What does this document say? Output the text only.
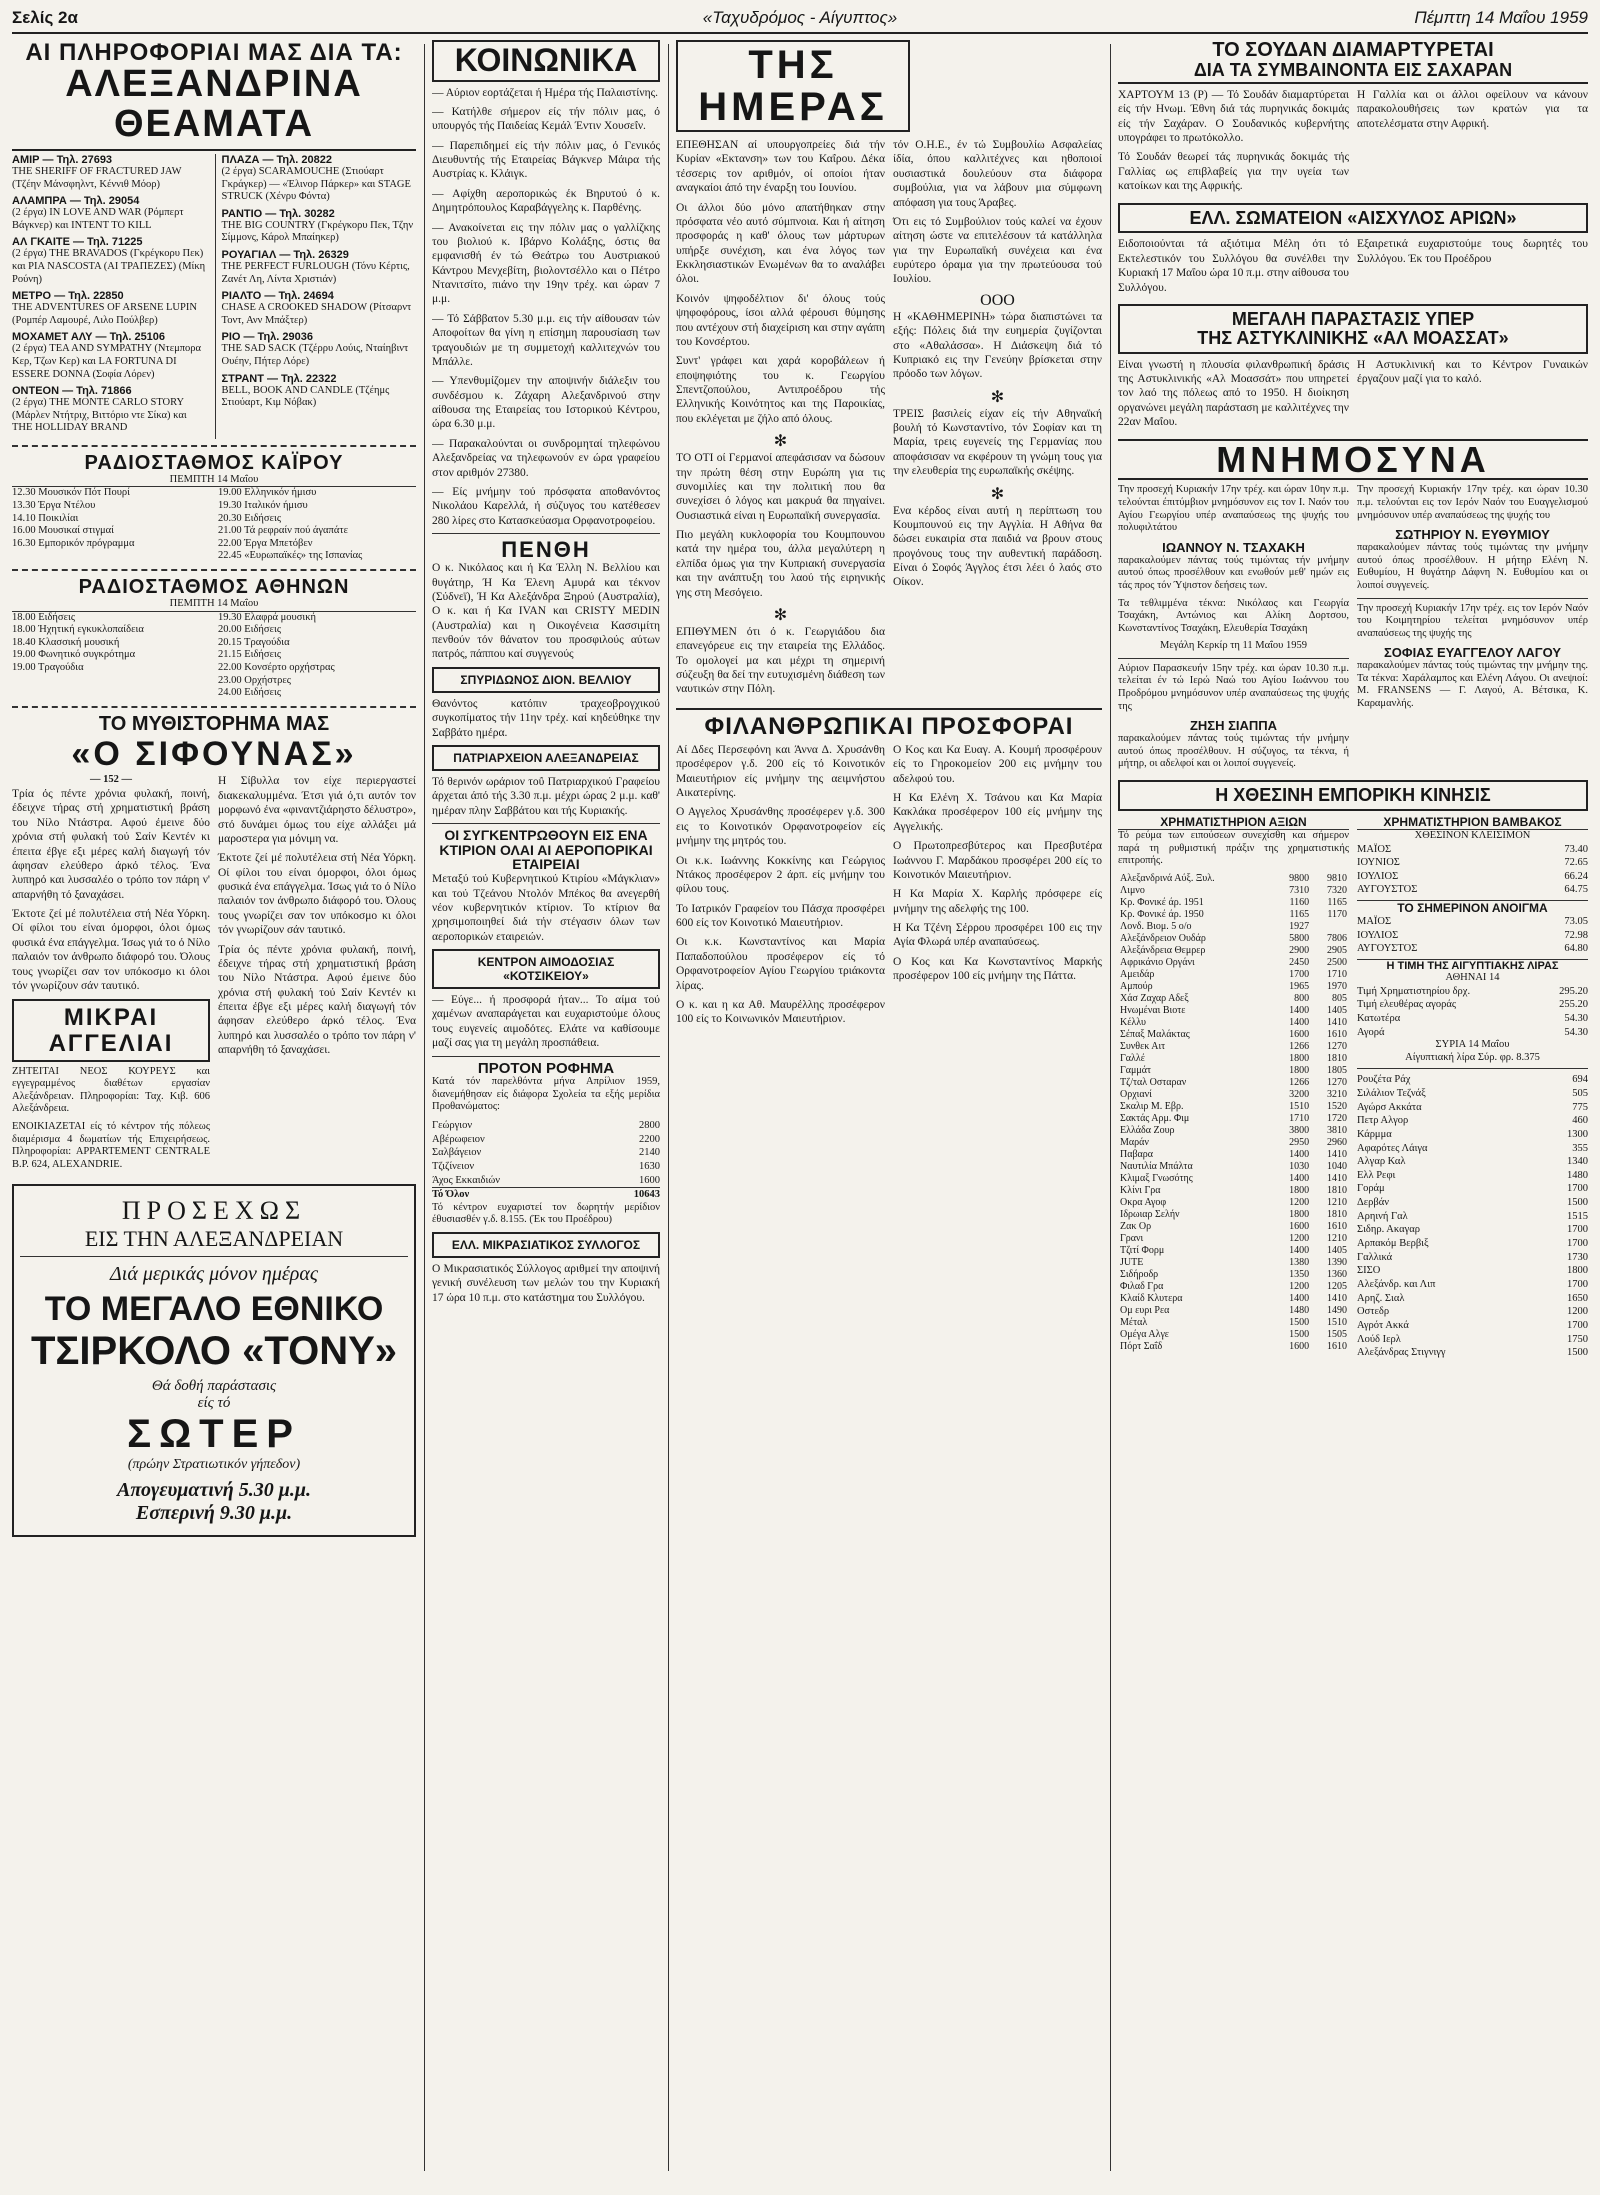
Σελίς 2α	«Ταχυδρόμος - Αίγυπτος»	Πέμπτη 14 Μαΐου 1959
ΑΙ ΠΛΗΡΟΦΟΡΙΑΙ ΜΑΣ ΔΙΑ ΤΑ:
ΑΛΕΞΑΝΔΡΙΝΑ ΘΕΑΜΑΤΑ
ΑΜΙΡ — Τηλ. 27693
THE SHERIFF OF FRACTURED JAW (Τζέην Μάνσφηλντ, Κέννιθ Μόορ)
ΑΛΑΜΠΡΑ — Τηλ. 29054
(2 έργα) IN LOVE AND WAR (Ρόμπερτ Βάγκνερ) και INTENT TO KILL
ΑΛ ΓΚΑΙΤΕ — Τηλ. 71225
(2 έργα) THE BRAVADOS (Γκρέγκορυ Πεκ) και PIA NASCOSTA (ΑΙ ΤΡΑΠΕΖΕΣ) (Μίκη Ρούνη)
ΜΕΤΡΟ — Τηλ. 22850
THE ADVENTURES OF ARSENE LUPIN (Ρομπέρ Λαμουρέ, Λιλο Πούλβερ)
ΜΟΧΑΜΕΤ ΑΛΥ — Τηλ. 25106
(2 έργα) TEA AND SYMPATHY (Ντεμπορα Κερ, Τζων Κερ) και LA FORTUNA DI ESSERE DONNA (Σοφία Λόρεν)
ΟΝΤΕΟΝ — Τηλ. 71866
(2 έργα) THE MONTE CARLO STORY (Μάρλεν Ντήτριχ, Βιττόριο ντε Σίκα) και THE HOLLIDAY BRAND
ΠΛΑΖΑ — Τηλ. 20822
(2 έργα) SCARAMOUCHE (Στιούαρτ Γκράγκερ) — «Έλινορ Πάρκερ» και STAGE STRUCK (Χένρυ Φόντα)
ΡΑΝΤΙΟ — Τηλ. 30282
THE BIG COUNTRY (Γκρέγκορυ Πεκ, Τζην Σίμμονς, Κάρολ Μπαίηκερ)
ΡΟΥΑΓΙΑΛ — Τηλ. 26329
THE PERFECT FURLOUGH (Τόνυ Κέρτις, Ζανέτ Λη, Λίντα Χριστιάν)
ΡΙΑΛΤΟ — Τηλ. 24694
CHASE A CROOKED SHADOW (Ρίτσαρντ Τοντ, Ανν Μπάξτερ)
ΡΙΟ — Τηλ. 29036
THE SAD SACK (Τζέρρυ Λούις, Νταίηβιντ Ουέην, Πήτερ Λόρε)
ΣΤΡΑΝΤ — Τηλ. 22322
BELL, BOOK AND CANDLE (Τζέημς Στιούαρτ, Κιμ Νόβακ)
ΡΑΔΙΟΣΤΑΘΜΟΣ ΚΑΪΡΟΥ
ΠΕΜΠΤΗ 14 Μαΐου
12.30 Μουσικόν Πότ Πουρί
13.30 Έργα Ντέλου
14.10 Ποικιλίαι
16.00 Μουσικαί στιγμαί
16.30 Εμπορικόν πρόγραμμα
19.00 Ελληνικόν ήμισυ
19.30 Ιταλικόν ήμισυ
20.30 Ειδήσεις
21.00 Τά ρεφραίν πού άγαπάτε
22.00 Έργα Μπετόβεν
22.45 «Ευρωπαϊκές» της Ισπανίας
ΡΑΔΙΟΣΤΑΘΜΟΣ ΑΘΗΝΩΝ
ΠΕΜΠΤΗ 14 Μαΐου
18.00 Ειδήσεις
18.00 Ήχητική εγκυκλοπαίδεια
18.40 Κλασσική μουσική
19.00 Φωνητικό συγκρότημα
19.00 Τραγούδια
19.30 Ελαφρά μουσική
20.00 Ειδήσεις
20.15 Τραγούδια
21.15 Ειδήσεις
22.00 Κονσέρτο ορχήστρας
23.00 Ορχήστρες
24.00 Ειδήσεις
ΤΟ ΜΥΘΙΣΤΟΡΗΜΑ ΜΑΣ
«Ο ΣΙΦΟΥΝΑΣ»
— 152 —

Τρία ός πέντε χρόνια φυλακή, ποινή, έδειχνε τήρας στή χρηματιστική βράση του Νίλο Ντάστρα. Αφού έμεινε δύο χρόνια στή φυλακή τού Σαίν Κεντέν κι έπειτα έβγε εξι μέρες καλή διαγωγή τόν άφησαν ελεύθερο άρκό τέλος. Ένα λυπηρό και λυσσαλέο ο τρόπο τον πάρη ν' απαρνήθη τό ξαναχάσει.

Έκτοτε ζεί μέ πολυτέλεια στή Νέα Υόρκη. Οί φίλοι του είναι όμορφοι, όλοι όμως φυσικά ένα επάγγελμα. Ίσως γιά το ό Νίλο παλαιόν τον άνθρωπο διάφορό του. Όλους τους γνωρίζει σαν τον υπόκοσμο κι όλοι τόν γνωρίζουν σάν ταυτικό.

ΜΙΚΡΑΙ ΑΓΓΕΛΙΑΙ

ΖΗΤΕΙΤΑΙ ΝΕΟΣ ΚΟΥΡΕΥΣ και εγγεγραμμένος διαθέτων εργασίαν Αλεξάνδρειαν. Πληροφορίαι: Ταχ. Κιβ. 606 Αλεξάνδρεια.

ΕΝΟΙΚΙΑΖΕΤΑΙ είς τό κέντρον τής πόλεως διαμέρισμα 4 δωματίων τής Επιχειρήσεως. Πληροφορίαι: APPARTEMENT CENTRALE B.P. 624, ALEXANDRIE.

Η Σίβυλλα τον είχε περιεργαστεί διακεκαλυμμένα. Έτσι γιά ό,τι αυτόν τον μορφωνό ένα «φιναντζιάρηστο δέλυστρο», στό δυνάμει όμως του είχε αλλάξει μά μαροστερα για μόνιμη να.

Έκτοτε ζεί μέ πολυτέλεια στή Νέα Υόρκη. Οί φίλοι του είναι όμορφοι, όλοι όμως φυσικά ένα επάγγελμα. Ίσως γιά το ό Νίλο παλαιόν τον άνθρωπο διάφορό του. Όλους τους γνωρίζει σαν τον υπόκοσμο κι όλοι τόν γνωρίζουν σάν ταυτικό.

Τρία ός πέντε χρόνια φυλακή, ποινή, έδειχνε τήρας στή χρηματιστική βράση του Νίλο Ντάστρα. Αφού έμεινε δύο χρόνια στή φυλακή τού Σαίν Κεντέν κι έπειτα έβγε εξι μέρες καλή διαγωγή τόν άφησαν ελεύθερο άρκό τέλος. Ένα λυπηρό και λυσσαλέο ο τρόπο τον πάρη ν' απαρνήθη τό ξαναχάσει.

ΠΡΟΣΕΧΩΣ
ΕΙΣ ΤΗΝ ΑΛΕΞΑΝΔΡΕΙΑΝ
Διά μερικάς μόνον ημέρας
ΤΟ ΜΕΓΑΛΟ ΕΘΝΙΚΟ
ΤΣΙΡΚΟΛΟ «ΤΟΝΥ»
Θά δοθή παράστασις
είς τό
ΣΩΤΕΡ
(πρώην Στρατιωτικόν γήπεδον)
Απογευματινή 5.30 μ.μ.
Εσπερινή 9.30 μ.μ.
ΚΟΙΝΩΝΙΚΑ

— Αύριον εορτάζεται ή Ημέρα τής Παλαιστίνης.

— Κατήλθε σήμερον είς τήν πόλιν μας, ό υπουργός τής Παιδείας Κεμάλ Έντιν Χουσεΐν.

— Παρεπιδημεί είς τήν πόλιν μας, ό Γενικός Διευθυντής τής Εταιρείας Βάγκνερ Μάιρα τής Αυστρίας κ. Κλάιγκ.

— Αφίχθη αεροπορικώς έκ Βηρυτού ό κ. Δημητρόπουλος Καραβάγγελης κ. Παρθένης.

— Ανακοίνεται εις την πόλιν μας ο γαλλίζκης του βιολιού κ. Ιβάρνο Κολάξης, όστις θα εμφανισθή έν τώ Θεάτρω του Αυστριακού Κάντρου Μενχεβίτη, βιολοντσέλλο και ο Πέτρο Ντανιτσίτο, πιάνο την 19ην τρέχ. και ώραν 7 μ.μ.

— Τό Σάββατον 5.30 μ.μ. εις τήν αίθουσαν τών Αποφοίτων θα γίνη η επίσημη παρουσίαση των τραγουδιών με τη συμμετοχή καλλιτεχνών του Μπάλλε.

— Υπενθυμίζομεν την αποψινήν διάλεξιν του συνδέσμου κ. Ζάχαρη Αλεξανδρινού στην αίθουσα της Εταιρείας του Ιστορικού Κέντρου, ώρα 6.30 μ.μ.

— Παρακαλούνται οι συνδρομηταί τηλεφώνου Αλεξανδρείας να τηλεφωνούν εν ώρα γραφείου στον αριθμόν 27380.

— Είς μνήμην τού πρόσφατα αποθανόντος Νικολάου Καρελλά, ή σύζυγος του κατέθεσεν 280 λίρες στο Κατασκεύασμα Ορφανοτροφείου.

ΠΕΝΘΗ

Ο κ. Νικόλαος και ή Κα Έλλη Ν. Βελλίου και θυγάτηρ, Ή Κα Έλενη Αμυρά και τέκνον (Σύδνεϊ), Ή Κα Αλεξάνδρα Ξηρού (Αυστραλία), Ο κ. και ή Κα IVAN και CRISTY MEDIN (Αυστραλία) και η Οικογένεια Κασσιμίτη πενθούν τόν θάνατον του προσφιλούς αύτων πατρός, πάππου καί συγγενούς

ΣΠΥΡΙΔΩΝΟΣ ΔΙΟΝ. ΒΕΛΛΙΟΥ

Θανόντος κατόπιν τραχεοβρογχικού συγκοπίματος τήν 11ην τρέχ. καί κηδεύθηκε την Σαββάτο ημέρα.

ΠΑΤΡΙΑΡΧΕΙΟΝ ΑΛΕΞΑΝΔΡΕΙΑΣ

Τό θερινόν ωράριον τοΰ Πατριαρχικού Γραφείου άρχεται άπό τής 3.30 π.μ. μέχρι ώρας 2 μ.μ. καθ' ημέραν πλην Σαββάτου και τής Κυριακής.

ΟΙ ΣΥΓΚΕΝΤΡΩΘΟΥΝ ΕΙΣ ΕΝΑ ΚΤΙΡΙΟΝ ΟΛΑΙ ΑΙ ΑΕΡΟΠΟΡΙΚΑΙ ΕΤΑΙΡΕΙΑΙ

Μεταξύ τού Κυβερνητικού Κτιρίου «Μάγκλιαν» και τού Τζεάνου Ντολόν Μπέκος θα ανεγερθή νέον κυβερνητικόν κτίριον. Το κτίριον θα χρησιμοποιηθεί διά τήν στέγασιν όλων των αεροπορικών εταιρειών.

ΚΕΝΤΡΟΝ ΑΙΜΟΔΟΣΙΑΣ «ΚΟΤΣΙΚΕΙΟΥ»

— Εύγε... ή προσφορά ήταν... Το αίμα τού χαμένων αναπαράγεται και ευχαριστούμε όλους τους ευγενείς αιμοδότες. Ελάτε να καθίσουμε μαζί σας για τη μεγάλη προσπάθεια.

ΠΡΟΤΟΝ ΡΟΦΗΜΑ

Κατά τόν παρελθόντα μήνα Απρίλιον 1959, διανεμήθησαν είς διάφορα Σχολεία τα εξής μερίδια Προθανώματος:

Γεώργιον	2800
Αβέρωφειον	2200
Σαλβάγειον	2140
Τζιζίνειον	1630
Άχος Εκκαιδιών	1600
Τό Όλον	10643

Τό κέντρον ευχαριστεί τον δωρητήν μερίδιον έθυσιασθέν γ.δ. 8.155. (Έκ του Προέδρου)

ΕΛΛ. ΜΙΚΡΑΣΙΑΤΙΚΟΣ ΣΥΛΛΟΓΟΣ

Ο Μικρασιατικός Σύλλογος αριθμεί την αποψινή γενική συνέλευση των μελών του την Κυριακή 17 ώρα 10 π.μ. στο κατάστημα του Συλλόγου.

ΤΗΣ ΗΜΕΡΑΣ

ΕΠΕΘΗΣΑΝ αί υπουργοπρείες διά τήν Κυρίαν «Εκτανση» των του Καΐρου. Δέκα τέσσερις τον αριθμόν, οί οποίοι ήταν αναγκαίοι άπό την έναρξη του Ιουνίου.

Οι άλλοι δύο μόνο απατήθηκαν στην πρόσφατα νέο αυτό σύμπνοια. Και ή αίτηση προσφοράς η καθ' όλους των μάρτυρων υπήρξε συνέχιση, και ένα λόγος των Εκκλησιαστικών Ενωμένων θα το αναλάβει όλοι.

Κοινόν ψηφοδέλτιον δι' όλους τούς ψηφοφόρους, ίσοι αλλά φέρουσι θύμησης που αντέχουν στή διαχείριση και στην αγάπη του Κονσέρτου.

Συντ' γράφει και χαρά κοροβάλεων ή εποψηφιότης του κ. Γεωργίου Σπεντζοπούλου, Αντιπροέδρου τής Ελληνικής Κοινότητος και της Παροικίας, που εκλέγεται με ζήλο από όλους.

✻

ΤΟ ΟΤΙ οί Γερμανοί απεφάσισαν να δώσουν την πρώτη θέση στην Ευρώπη για τις συνομιλίες και την πολιτική που θα συνεχίσει ό λόγος και μακρυά θα πηγαίνει. Ουσιαστικά είναι η Ευρωπαϊκή συνεργασία.

Πιο μεγάλη κυκλοφορία του Κουμπουνου κατά την ημέρα του, άλλα μεγαλύτερη η ελπίδα όμως για την Κυπριακή συνεργασία και την ανάπτυξη του λαού τής ειρηνικής γης στη Μεσόγειο.

✻

ΕΠΙΘΥΜΕΝ ότι ό κ. Γεωργιάδου δια επανεγόρευε εις την εταιρεία της Ελλάδος. Το ομολογεί μα και μέχρι τη σημερινή σύζευξη θα δεί την ευτυχισμένη διάθεση των ναυτικών στην Πόλη.

τόν Ο.Η.Ε., έν τώ Συμβουλίω Ασφαλείας ίδία, όπου καλλιτέχνες και ηθοποιοί ουσιαστικά δουλεύουν στα διάφορα συμβούλια, για να λάβουν μια σύμφωνη απόφαση για τους Άραβες.

Ότι εις τό Συμβούλιον τούς καλεί να έχουν αίτηση ώστε να επιτελέσουν τά κατάλληλα για την Ευρωπαϊκή συνέχεια και ένα ευρύτερο όραμα για την πρωτεύουσα τού Ιουλίου.

ΟΟΟ

Η «ΚΑΘΗΜΕΡΙΝΗ» τώρα διαπιστώνει τα εξής: Πόλεις διά την ευημερία ζυγίζονται στο «Αθαλάσσα». Η Διάσκεψη διά τό Κυπριακό εις την Γενεύην βρίσκεται στην πρόοδο των λόγων.

✻

ΤΡΕΙΣ βασιλείς είχαν είς τήν Αθηναϊκή βουλή τό Κωνσταντίνο, τόν Σοφίαν και τη Μαρία, τρεις ευγενείς της Γερμανίας που αποφάσισαν να εκφέρουν τη γνώμη τους για την ελευθερία της ευρωπαϊκής σκέψης.

✻

Ενα κέρδος είναι αυτή η περίπτωση του Κουμπουνού εις την Αγγλία. Η Αθήνα θα δώσει ευκαιρία στα παιδιά να βρουν στους προγόνους τους την αυθεντική παράδοση. Είναι ό Σοφός Άγγλος έτσι λέει ό λαός στο Οίκον.

ΦΙΛΑΝΘΡΩΠΙΚΑΙ ΠΡΟΣΦΟΡΑΙ

Αί Δδες Περσεφόνη και Άννα Δ. Χρυσάνθη προσέφερον γ.δ. 200 είς τό Κοινοτικόν Μαιευτήριον είς μνήμην της αειμνήστου Αικατερίνης.

Ο Αγγελος Χρυσάνθης προσέφερεν γ.δ. 300 εις το Κοινοτικόν Ορφανοτροφείον είς μνήμην της μητρός του.

Οι κ.κ. Ιωάννης Κοκκίνης και Γεώργιος Ντάκος προσέφερον 2 άρπ. είς μνήμην του φίλου τους.

Το Ιατρικόν Γραφείον του Πάσχα προσφέρει 600 είς τον Κοινοτικό Μαιευτήριον.

Οι κ.κ. Κωνσταντίνος και Μαρία Παπαδοπούλου προσέφερον είς τό Ορφανοτροφείον Αγίου Γεωργίου τριάκοντα λίρας.

Ο κ. και η κα Αθ. Μαυρέλλης προσέφερον 100 είς το Κοινωνικόν Μαιευτήριον.

Ο Κος και Κα Ευαγ. Α. Κουμή προσφέρουν είς το Γηροκομείον 200 εις μνήμην του αδελφού του.

Η Κα Ελένη Χ. Τσάνου και Κα Μαρία Κακλάκα προσέφερον 100 είς μνήμην της Αγγελικής.

Ο Πρωτοπρεσβύτερος και Πρεσβυτέρα Ιωάννου Γ. Μαρδάκου προσφέρει 200 είς το Κοινοτικόν Μαιευτήριον.

Η Κα Μαρία Χ. Καρλής πρόσφερε είς μνήμην της αδελφής της 100.

Η Κα Τζένη Σέρρου προσφέρει 100 εις την Αγία Φλωρά υπέρ αναπαύσεως.

Ο Κος και Κα Κωνσταντίνος Μαρκής προσέφερον 100 είς μνήμην της Πάττα.

ΤΟ ΣΟΥΔΑΝ ΔΙΑΜΑΡΤΥΡΕΤΑΙ
ΔΙΑ ΤΑ ΣΥΜΒΑΙΝΟΝΤΑ ΕΙΣ ΣΑΧΑΡΑΝ

ΧΑΡΤΟΥΜ 13 (Ρ) — Τό Σουδάν διαμαρτύρεται είς τήν Ηνωμ. Έθνη διά τάς πυρηνικάς δοκιμάς είς τήν Σαχάραν. Ο Σουδανικός κυβερνήτης υπογράφει το πρωτόκολλο.

Τό Σουδάν θεωρεί τάς πυρηνικάς δοκιμάς τής Γαλλίας ως επιβλαβείς για την υγεία των κατοίκων και της Αφρικής.

Η Γαλλία και οι άλλοι οφείλουν να κάνουν παρακολουθήσεις των κρατών για τα αποτελέσματα στην Αφρική.

ΕΛΛ. ΣΩΜΑΤΕΙΟΝ «ΑΙΣΧΥΛΟΣ ΑΡΙΩΝ»

Ειδοποιούνται τά αξιότιμα Μέλη ότι τό Εκτελεστικόν του Συλλόγου θα συνέλθει την Κυριακή 17 Μαΐου ώρα 10 π.μ. στην αίθουσα του Συλλόγου.

Εξαιρετικά ευχαριστούμε τους δωρητές του Συλλόγου. Έκ του Προέδρου

ΜΕΓΑΛΗ ΠΑΡΑΣΤΑΣΙΣ ΥΠΕΡ
ΤΗΣ ΑΣΤΥΚΛΙΝΙΚΗΣ «ΑΛ ΜΟΑΣΣΑΤ»

Είναι γνωστή η πλουσία φιλανθρωπική δράσις της Αστυκλινικής «Αλ Μοασσάτ» που υπηρετεί τον λαό της πόλεως από το 1950. Η διοίκηση οργανώνει μεγάλη παράσταση με καλλιτέχνες την 22αν Μαΐου.

Η Αστυκλινική και το Κέντρον Γυναικών έργαζουν μαζί για το καλό.

ΜΝΗΜΟΣΥΝΑ

Την προσεχή Κυριακήν 17ην τρέχ. και ώραν 10ην π.μ. τελούνται έπιτύμβιον μνημόσυνον εις τον Ι. Ναόν του Αγίου Γεωργίου υπέρ αναπαύσεως της ψυχής του πολυφιλτάτου

ΙΩΑΝΝΟΥ Ν. ΤΣΑΧΑΚΗ

παρακαλούμεν πάντας τούς τιμώντας τήν μνήμην αυτού όπως προσέλθουν και ενωθούν μεθ' ημών εις τάς προς τόν Ύψιστον δεήσεις των.

Τα τεθλιμμένα τέκνα: Νικόλαος και Γεωργία Τσαχάκη, Αντώνιος και Αλίκη Δορτσου, Κωνσταντίνος Τσαχάκη, Ελευθερία Τσαχάκη

Μεγάλη Κερκίρ τη 11 Μαΐου 1959

Αύριον Παρασκευήν 15ην τρέχ. και ώραν 10.30 π.μ. τελείται έν τώ Ιερώ Ναώ του Αγίου Ιωάννου του Προδρόμου μνημόσυνον υπέρ αναπαύσεως της ψυχής της

ΖΗΣΗ ΣΙΑΠΠΑ

παρακαλούμεν πάντας τούς τιμώντας τήν μνήμην αυτού όπως προσέλθουν. Η σύζυγος, τα τέκνα, ή μήτηρ, οι αδελφοί και οι λοιποί συγγενείς.

Την προσεχή Κυριακήν 17ην τρέχ. και ώραν 10.30 π.μ. τελούνται εις τον Ιερόν Ναόν του Ευαγγελισμού μνημόσυνον υπέρ αναπαύσεως της ψυχής του

ΣΩΤΗΡΙΟΥ Ν. ΕΥΘΥΜΙΟΥ

παρακαλούμεν πάντας τούς τιμώντας την μνήμην αυτού όπως προσέλθουν. Η μήτηρ Ελένη Ν. Ευθυμίου, Η θυγάτηρ Δάφνη Ν. Ευθυμίου και οι λοιποί συγγενείς.

Την προσεχή Κυριακήν 17ην τρέχ. εις τον Ιερόν Ναόν του Κοιμητηρίου τελείται μνημόσυνον υπέρ αναπαύσεως της ψυχής της

ΣΟΦΙΑΣ ΕΥΑΓΓΕΛΟΥ ΛΑΓΟΥ

παρακαλούμεν πάντας τούς τιμώντας την μνήμην της. Τα τέκνα: Χαράλαμπος και Ελένη Λάγου. Οι ανεψιοί: Μ. FRANSENS — Γ. Λαγού, Α. Βέτσικα, Κ. Καραμανλής.

Η ΧΘΕΣΙΝΗ ΕΜΠΟΡΙΚΗ ΚΙΝΗΣΙΣ
ΧΡΗΜΑΤΙΣΤΗΡΙΟΝ ΑΞΙΩΝ

Τό ρεύμα των ειπούσεων συνεχίσθη και σήμερον παρά τη ρυθμιστική πράξιν της χρηματιστικής επιτροπής.

Αλεξανδρινά Αύξ. Ξυλ.	9800	9810
Λιμνο	7310	7320
Κρ. Φονικέ άρ. 1951	1160	1165
Κρ. Φονικέ άρ. 1950	1165	1170
Λονδ. Βιομ. 5 ο/ο	1927	
Αλεξάνδρειον Ουδάρ	5800	7806
Αλεξάνδρεια Θεμρερ	2900	2905
Αφρικάνιο Οργάνι	2450	2500
Αμειδάρ	1700	1710
Αμπούρ	1965	1970
Χάσ Ζαχαρ Αδεξ	800	805
Ηνωμέναι Βιοτε	1400	1405
Κέλλυ	1400	1410
Σέπαξ Μαλάκτας	1600	1610
Συνθεκ Αιτ	1266	1270
Γαλλέ	1800	1810
Γαμμάτ	1800	1805
Τζ/ταλ Οσταραν	1266	1270
Ορχιανί	3200	3210
Σκαλιρ Μ. Εβρ.	1510	1520
Σακτάς Αρμ. Φιμ	1710	1720
Ελλάδα Ζουρ	3800	3810
Μαράν	2950	2960
Παβαρα	1400	1410
Ναυτιλία Μπάλτα	1030	1040
Κλιμαξ Γνωσότης	1400	1410
Κλίνι Γρα	1800	1810
Οκρα Αγοφ	1200	1210
Ιδρωιαρ Σελήν	1800	1810
Ζακ Ορ	1600	1610
Γρανι	1200	1210
Τζιτί Φορμ	1400	1405
JUTE	1380	1390
Σιδήροδρ	1350	1360
Φιλαδ Γρα	1200	1205
Κλαίδ Κλυτερα	1400	1410
Ομ ευρι Ρεα	1480	1490
Μέταλ	1500	1510
Ομέγα Αλγε	1500	1505
Πόρτ Σαΐδ	1600	1610
ΧΡΗΜΑΤΙΣΤΗΡΙΟΝ ΒΑΜΒΑΚΟΣ
ΧΘΕΣΙΝΟΝ ΚΛΕΙΣΙΜΟΝ
ΜΑΪΟΣ	73.40
ΙΟΥΝΙΟΣ	72.65
ΙΟΥΛΙΟΣ	66.24
ΑΥΓΟΥΣΤΟΣ	64.75
ΤΟ ΣΗΜΕΡΙΝΟΝ ΑΝΟΙΓΜΑ
ΜΑΪΟΣ	73.05
ΙΟΥΛΙΟΣ	72.98
ΑΥΓΟΥΣΤΟΣ	64.80
Η ΤΙΜΗ ΤΗΣ ΑΙΓΥΠΤΙΑΚΗΣ ΛΙΡΑΣ
ΑΘΗΝΑΙ 14
Τιμή Χρηματιστηρίου δρχ.	295.20
Τιμή ελευθέρας αγοράς	255.20
Κατωτέρα	54.30
Αγορά	54.30
ΣΥΡΙΑ 14 Μαΐου
Αίγυπτιακή λίρα Σύρ. φρ. 8.375
Ρουζέτα Ράχ	694
Σιλάλιον Τεζνάξ	505
Αγώρσ Ακκάτα	775
Πετρ Αλγορ	460
Κάρμμα	1300
Αφαρότες Λάιγα	355
Αλγαρ Καλ	1340
Ελλ Ρεφι	1480
Γοράμ	1700
Δερβάν	1500
Αρηινή Γαλ	1515
Σιδηρ. Ακαγαρ	1700
Αρπακόμ Βερβιξ	1700
Γαλλικά	1730
ΣΙΣΟ	1800
Αλεξάνδρ. και Λιπ	1700
Αρηζ. Σιαλ	1650
Οστεδρ	1200
Αγρότ Ακκά	1700
Λούδ Ιερλ	1750
Αλεξάνδρας Στιγνιγγ	1500
